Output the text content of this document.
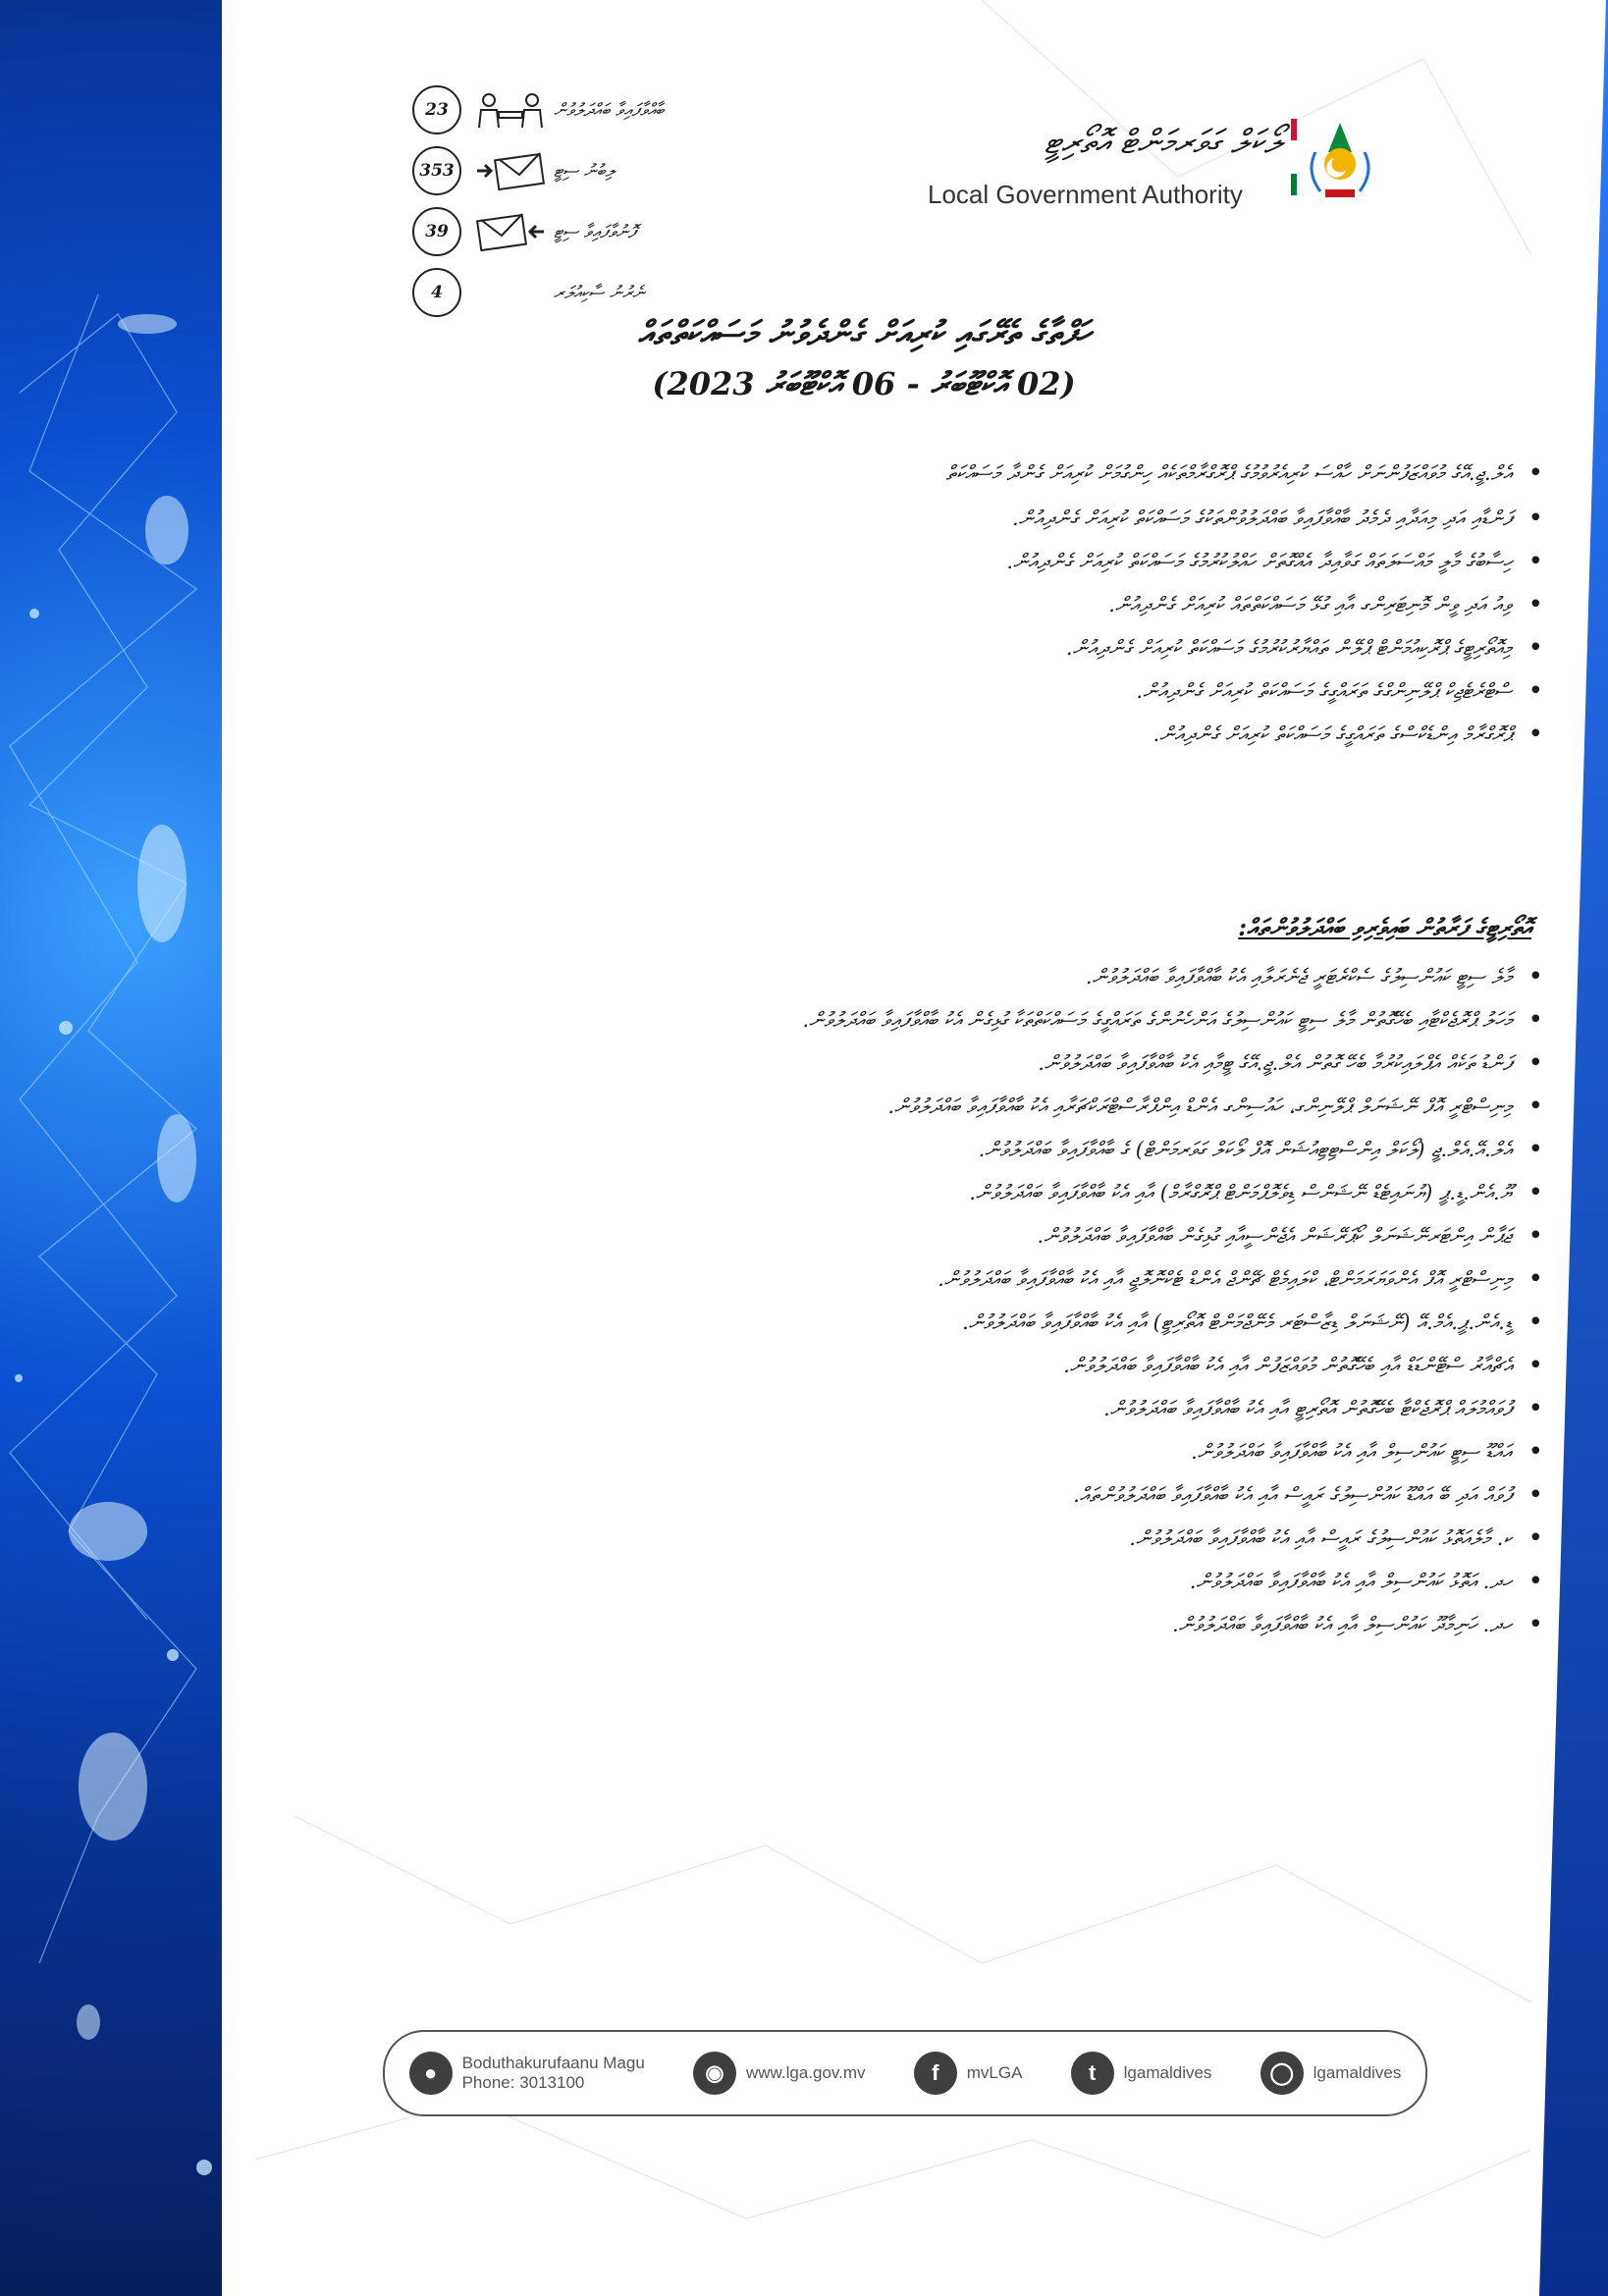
23	ބާއްވާފައިވާ ބައްދަލުވުން
353	ލިބުނު ސިޓީ
39	ފޮނުވާފައިވާ ސިޓީ
4	ނެރުނު ސާކިއުލަރ
ލޯކަލް ގަވަރމަންޓް އޮތޯރިޓީ
Local Government Authority
ހަފްތާގެ ތެރޭގައި ކުރިއަށް ގެންދެވުނު މަސައްކަތްތައް
(02 އޮކްޓޫބަރު - 06 އޮކްޓޫބަރު 2023)
• އެލް.ޖީ.އޭގެ މުވައްޒަފުންނަށް ހާއްސަ ކުރިއެރުވުމުގެ ޕްރޮގްރާމްތަކެއް ހިންގުމަށް ކުރިއަށް ގެންދާ މަސައްކަތް
• ފަންޑާއި އަދި މިއަދާއި ދެމެދު ބާއްވާފައިވާ ބައްދަލުވުންތަކުގެ މަސައްކަތް ކުރިއަށް ގެންދިއުން.
• ހިސާބުގެ މާލީ މައްސަލަތައް ގަވާއިދާ އެއްގޮތަށް ހައްލުކުރުމުގެ މަސައްކަތް ކުރިއަށް ގެންދިއުން.
• ވިއު އަދި ވީން މޮނިޓަރިންގ އާއި ގުޅޭ މަސައްކަތްތައް ކުރިއަށް ގެންދިއުން.
• މިއޮތޯރިޓީގެ ޕްރޮކިއުމަންޓް ޕްލޭން ތައްޔާރުކުރުމުގެ މަސައްކަތް ކުރިއަށް ގެންދިއުން.
• ސްޓްރެޓެޖިކް ޕްލޭނިންގްގެ ތަރައްގީގެ މަސައްކަތް ކުރިއަށް ގެންދިއުން.
• ޕްރޮގްރާމް އިންޑެކްސްގެ ތަރައްގީގެ މަސައްކަތް ކުރިއަށް ގެންދިއުން.
އޮތޯރިޓީގެ ފަރާތުން ބައިވެރިވި ބައްދަލުވުންތައް:
• މާލެ ސިޓީ ކައުންސިލުގެ ސެކްރެޓަރީ ޖެނެރަލާއި އެކު ބާއްވާފައިވާ ބައްދަލުވުން.
• މަހަލު ޕްރޮޖެކްޓާއި ބެހޭގޮތުން މާލެ ސިޓީ ކައުންސިލުގެ އަންހެނުންގެ ތަރައްގީގެ މަސައްކަތްތަކާ ގުޅިގެން އެކު ބާއްވާފައިވާ ބައްދަލުވުން.
• ފަންޑު ތަކެއް އެޕްލައިކުރުމާ ބެހޭ ގޮތުން އެލް.ޖީ.އޭގެ ޓީމާއި އެކު ބާއްވާފައިވާ ބައްދަލުވުން.
• މިނިސްޓްރީ އޮފް ނޭޝަނަލް ޕްލޭނިންގ، ހައުސިންގ އެންޑް އިންފްރާސްޓްރަކްޗަރާއި އެކު ބާއްވާފައިވާ ބައްދަލުވުން.
• އެލް.އޭ.އެލް.ޖީ (ލޯކަލް އިންސްޓިޓިއުޝަން އޮފް ލޯކަލް ގަވަރމަންޓް) ގެ ބާއްވާފައިވާ ބައްދަލުވުން.
• ޔޫ.އެން.ޑީ.ޕީ (ޔުނައިޓެޑް ނޭޝަންސް ޑިވެލޮޕްމަންޓް ޕްރޮގްރާމް) އާއި އެކު ބާއްވާފައިވާ ބައްދަލުވުން.
• ޖަޕާން އިންޓަރނޭޝަނަލް ކޯޕަރޭޝަން އެޖެންސީއާއި ގުޅިގެން ބާއްވާފައިވާ ބައްދަލުވުން.
• މިނިސްޓްރީ އޮފް އެންވަޔަރަމަންޓް، ކްލައިމެޓް ޗޭންޖް އެންޑް ޓެކްނޮލޮޖީ އާއި އެކު ބާއްވާފައިވާ ބައްދަލުވުން.
• ޑީ.އެން.ޕީ.އެމް.އޭ (ނޭޝަނަލް ޑިޒާސްޓަރ މެނޭޖްމަންޓް އޮތޯރިޓީ) އާއި އެކު ބާއްވާފައިވާ ބައްދަލުވުން.
• އެޗްއާރު ސްޓޭންޑަޑް އާއި ބެހޭގޮތުން މުވައްޒަފުން އާއި އެކު ބާއްވާފައިވާ ބައްދަލުވުން.
• ފުވައްމުލައް ޕްރޮޖެކްޓާ ބެހޭގޮތުން އޮތޯރިޓީ އާއި އެކު ބާއްވާފައިވާ ބައްދަލުވުން.
• އައްޑޫ ސިޓީ ކައުންސިލް އާއި އެކު ބާއްވާފައިވާ ބައްދަލުވުން.
• ފުވައް އަދި ބޭ އައްޑޫ ކައުންސިލުގެ ރައީސް އާއި އެކު ބާއްވާފައިވާ ބައްދަލުވުންތައް.
• ކ. މާލެއަތޮޅު ކައުންސިލުގެ ރައީސް އާއި އެކު ބާއްވާފައިވާ ބައްދަލުވުން.
• ހދ. އަތޮޅު ކައުންސިލް އާއި އެކު ބާއްވާފައިވާ ބައްދަލުވުން.
• ހދ. ހަނިމާދޫ ކައުންސިލް އާއި އެކު ބާއްވާފައިވާ ބައްދަލުވުން.
●	Boduthakurufaanu Magu
Phone: 3013100	◉	www.lga.gov.mv	f	mvLGA	t	lgamaldives	◯	lgamaldives
